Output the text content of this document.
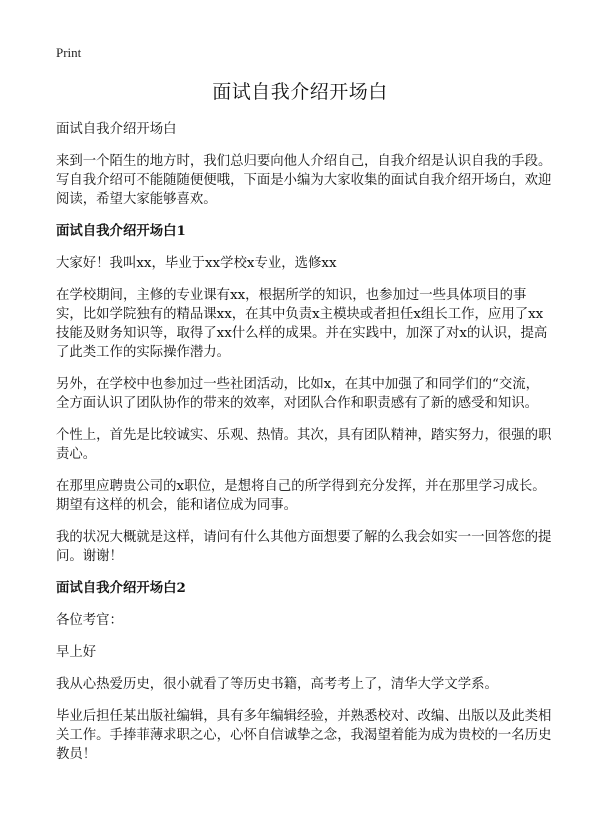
Print
面试自我介绍开场白

面试自我介绍开场白

来到一个陌生的地方时，我们总归要向他人介绍自己，自我介绍是认识自我的手段。写自我介绍可不能随随便便哦，下面是小编为大家收集的面试自我介绍开场白，欢迎阅读，希望大家能够喜欢。

面试自我介绍开场白1

大家好！我叫xx，毕业于xx学校x专业，选修xx

在学校期间，主修的专业课有xx，根据所学的知识，也参加过一些具体项目的事实，比如学院独有的精品课xx，在其中负责x主模块或者担任x组长工作，应用了xx技能及财务知识等，取得了xx什么样的成果。并在实践中，加深了对x的认识，提高了此类工作的实际操作潜力。

另外，在学校中也参加过一些社团活动，比如x，在其中加强了和同学们的“交流，全方面认识了团队协作的带来的效率，对团队合作和职责感有了新的感受和知识。

个性上，首先是比较诚实、乐观、热情。其次，具有团队精神，踏实努力，很强的职责心。

在那里应聘贵公司的x职位，是想将自己的所学得到充分发挥，并在那里学习成长。期望有这样的机会，能和诸位成为同事。

我的状况大概就是这样，请问有什么其他方面想要了解的么我会如实一一回答您的提问。谢谢！

面试自我介绍开场白2

各位考官：

早上好

我从心热爱历史，很小就看了等历史书籍，高考考上了，清华大学文学系。

毕业后担任某出版社编辑，具有多年编辑经验，并熟悉校对、改编、出版以及此类相关工作。手捧菲薄求职之心，心怀自信诚挚之念，我渴望着能为成为贵校的一名历史教员！
